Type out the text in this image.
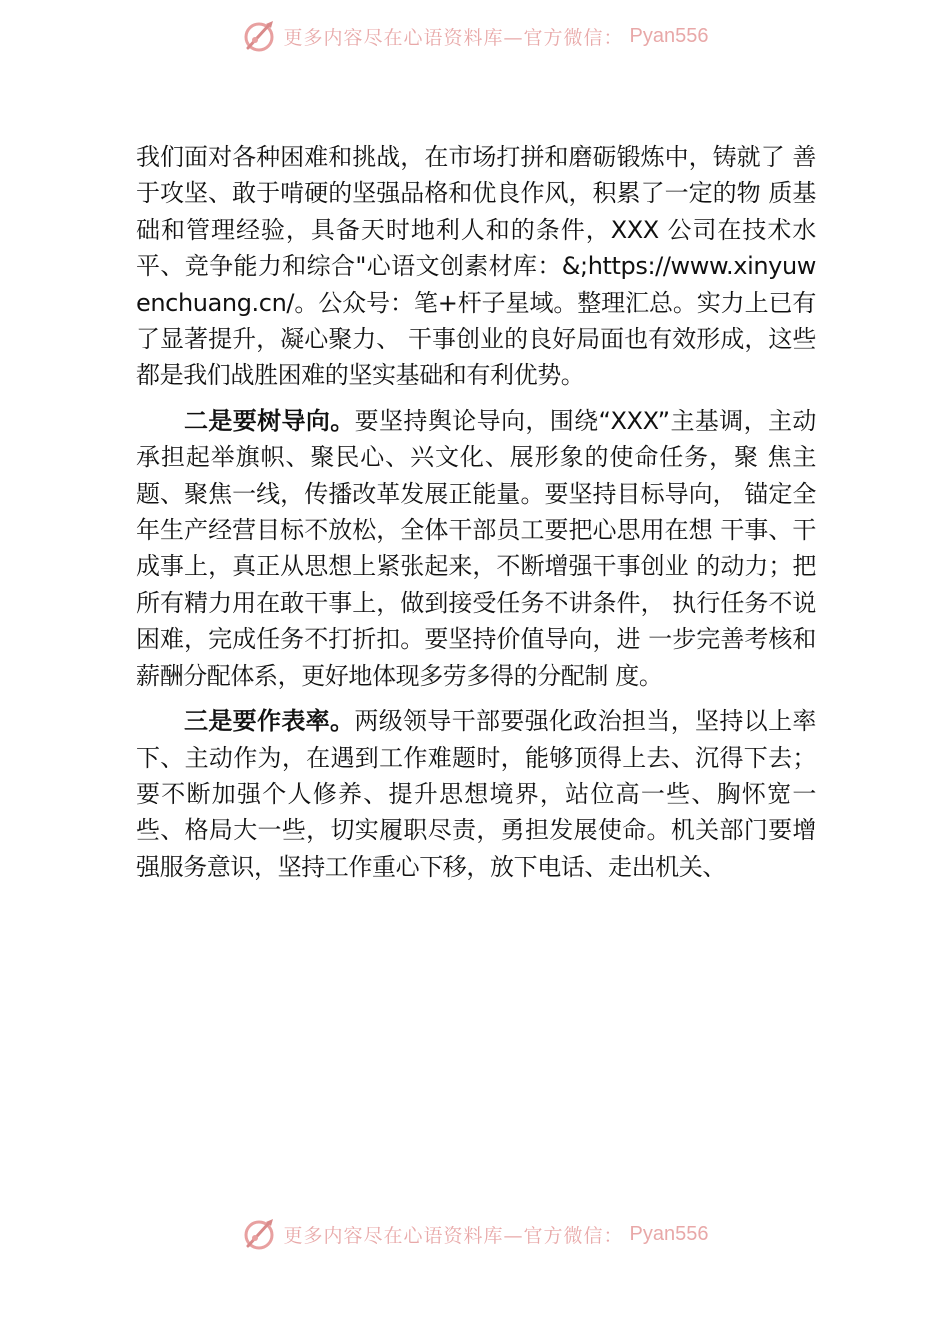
更多内容尽在心语资料库—官方微信： Pyan556

我们面对各种困难和挑战，在市场打拼和磨砺锻炼中，铸就了 善于攻坚、敢于啃硬的坚强品格和优良作风，积累了一定的物 质基础和管理经验，具备天时地利人和的条件，XXX 公司在技术水平、竞争能力和综合"心语文创素材库：&;https://www.xinyuwenchuang.cn/。公众号：笔+杆子星域。整理汇总。实力上已有了显著提升，凝心聚力、 干事创业的良好局面也有效形成，这些都是我们战胜困难的坚实基础和有利优势。

二是要树导向。要坚持舆论导向，围绕“XXX”主基调，主动承担起举旗帜、聚民心、兴文化、展形象的使命任务，聚 焦主题、聚焦一线，传播改革发展正能量。要坚持目标导向， 锚定全年生产经营目标不放松，全体干部员工要把心思用在想 干事、干成事上，真正从思想上紧张起来，不断增强干事创业 的动力；把所有精力用在敢干事上，做到接受任务不讲条件， 执行任务不说困难，完成任务不打折扣。要坚持价值导向，进 一步完善考核和薪酬分配体系，更好地体现多劳多得的分配制 度。

三是要作表率。两级领导干部要强化政治担当，坚持以上率下、主动作为，在遇到工作难题时，能够顶得上去、沉得下去；要不断加强个人修养、提升思想境界，站位高一些、胸怀宽一些、格局大一些，切实履职尽责，勇担发展使命。机关部门要增强服务意识，坚持工作重心下移，放下电话、走出机关、

更多内容尽在心语资料库—官方微信： Pyan556
